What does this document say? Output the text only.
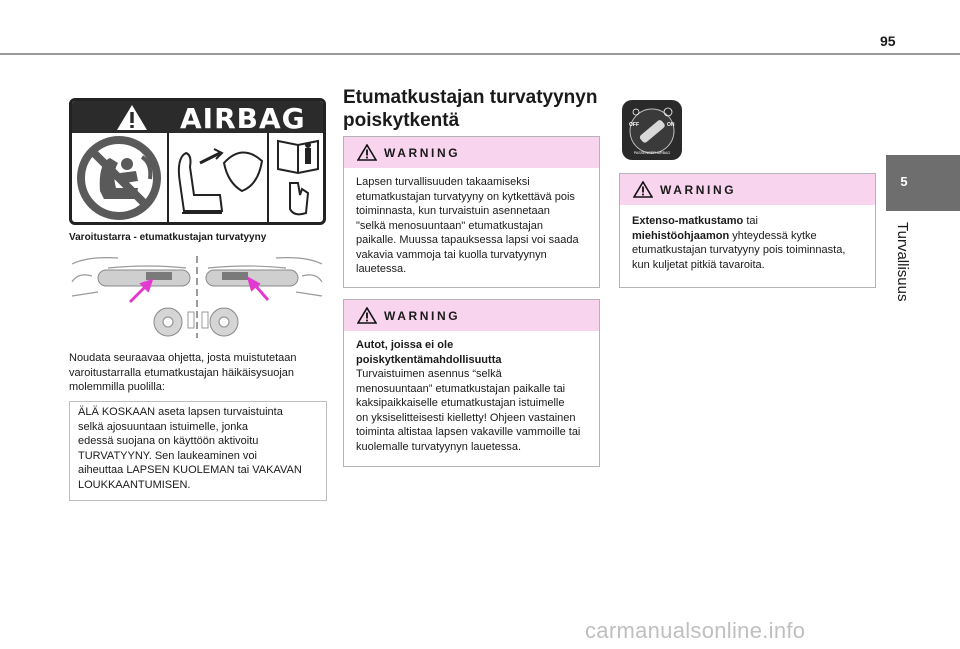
95
5
Turvallisuus
AIRBAG
Varoitustarra - etumatkustajan turvatyyny
Noudata seuraavaa ohjetta, josta muistutetaan
varoitustarralla etumatkustajan häikäisysuojan
molemmilla puolilla:
ÄLÄ KOSKAAN aseta lapsen turvaistuinta
selkä ajosuuntaan istuimelle, jonka
edessä suojana on käyttöön aktivoitu
TURVATYYNY. Sen laukeaminen voi
aiheuttaa LAPSEN KUOLEMAN tai VAKAVAN
LOUKKAANTUMISEN.
Etumatkustajan turvatyynyn
poiskytkentä
WARNING
Lapsen turvallisuuden takaamiseksi
etumatkustajan turvatyyny on kytkettävä pois
toiminnasta, kun turvaistuin asennetaan
"selkä menosuuntaan" etumatkustajan
paikalle. Muussa tapauksessa lapsi voi saada
vakavia vammoja tai kuolla turvatyynyn
lauetessa.
WARNING
Autot, joissa ei ole
poiskytkentämahdollisuutta
Turvaistuimen asennus “selkä
menosuuntaan” etumatkustajan paikalle tai
kaksipaikkaiselle etumatkustajan istuimelle
on yksiselitteisesti kielletty! Ohjeen vastainen
toiminta altistaa lapsen vakaville vammoille tai
kuolemalle turvatyynyn lauetessa.
OFF	ON
PASSENGER AIRBAG
WARNING
Extenso-matkustamo tai
miehistöohjaamon yhteydessä kytke
etumatkustajan turvatyyny pois toiminnasta,
kun kuljetat pitkiä tavaroita.
carmanualsonline.info
